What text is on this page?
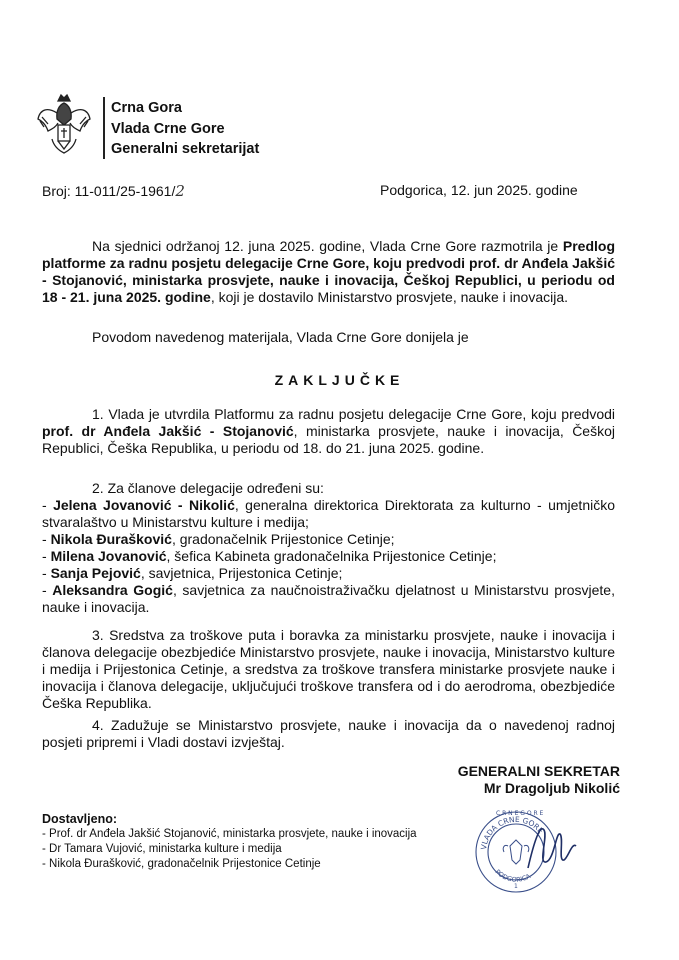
Crna Gora
Vlada Crne Gore
Generalni sekretarijat
Broj: 11-011/25-1961/2	Podgorica, 12. jun 2025. godine
Na sjednici održanoj 12. juna 2025. godine, Vlada Crne Gore razmotrila je Predlog platforme za radnu posjetu delegacije Crne Gore, koju predvodi prof. dr Anđela Jakšić - Stojanović, ministarka prosvjete, nauke i inovacija, Češkoj Republici, u periodu od 18 - 21. juna 2025. godine, koji je dostavilo Ministarstvo prosvjete, nauke i inovacija.
Povodom navedenog materijala, Vlada Crne Gore donijela je
ZAKLJUČKE
1. Vlada je utvrdila Platformu za radnu posjetu delegacije Crne Gore, koju predvodi prof. dr Anđela Jakšić - Stojanović, ministarka prosvjete, nauke i inovacija, Češkoj Republici, Češka Republika, u periodu od 18. do 21. juna 2025. godine.
2. Za članove delegacije određeni su:
- Jelena Jovanović - Nikolić, generalna direktorica Direktorata za kulturno - umjetničko stvaralaštvo u Ministarstvu kulture i medija;
- Nikola Đurašković, gradonačelnik Prijestonice Cetinje;
- Milena Jovanović, šefica Kabineta gradonačelnika Prijestonice Cetinje;
- Sanja Pejović, savjetnica, Prijestonica Cetinje;
- Aleksandra Gogić, savjetnica za naučnoistraživačku djelatnost u Ministarstvu prosvjete, nauke i inovacija.
3. Sredstva za troškove puta i boravka za ministarku prosvjete, nauke i inovacija i članova delegacije obezbjediće Ministarstvo prosvjete, nauke i inovacija, Ministarstvo kulture i medija i Prijestonica Cetinje, a sredstva za troškove transfera ministarke prosvjete nauke i inovacija i članova delegacije, uključujući troškove transfera od i do aerodroma, obezbjediće Češka Republika.
4. Zadužuje se Ministarstvo prosvjete, nauke i inovacija da o navedenoj radnoj posjeti pripremi i Vladi dostavi izvještaj.
GENERALNI SEKRETAR
Mr Dragoljub Nikolić
VLADA CRNE GORE
PODGORICA
C R N E G O R E
1
Dostavljeno:
- Prof. dr Anđela Jakšić Stojanović, ministarka prosvjete, nauke i inovacija
- Dr Tamara Vujović, ministarka kulture i medija
- Nikola Đurašković, gradonačelnik Prijestonice Cetinje
